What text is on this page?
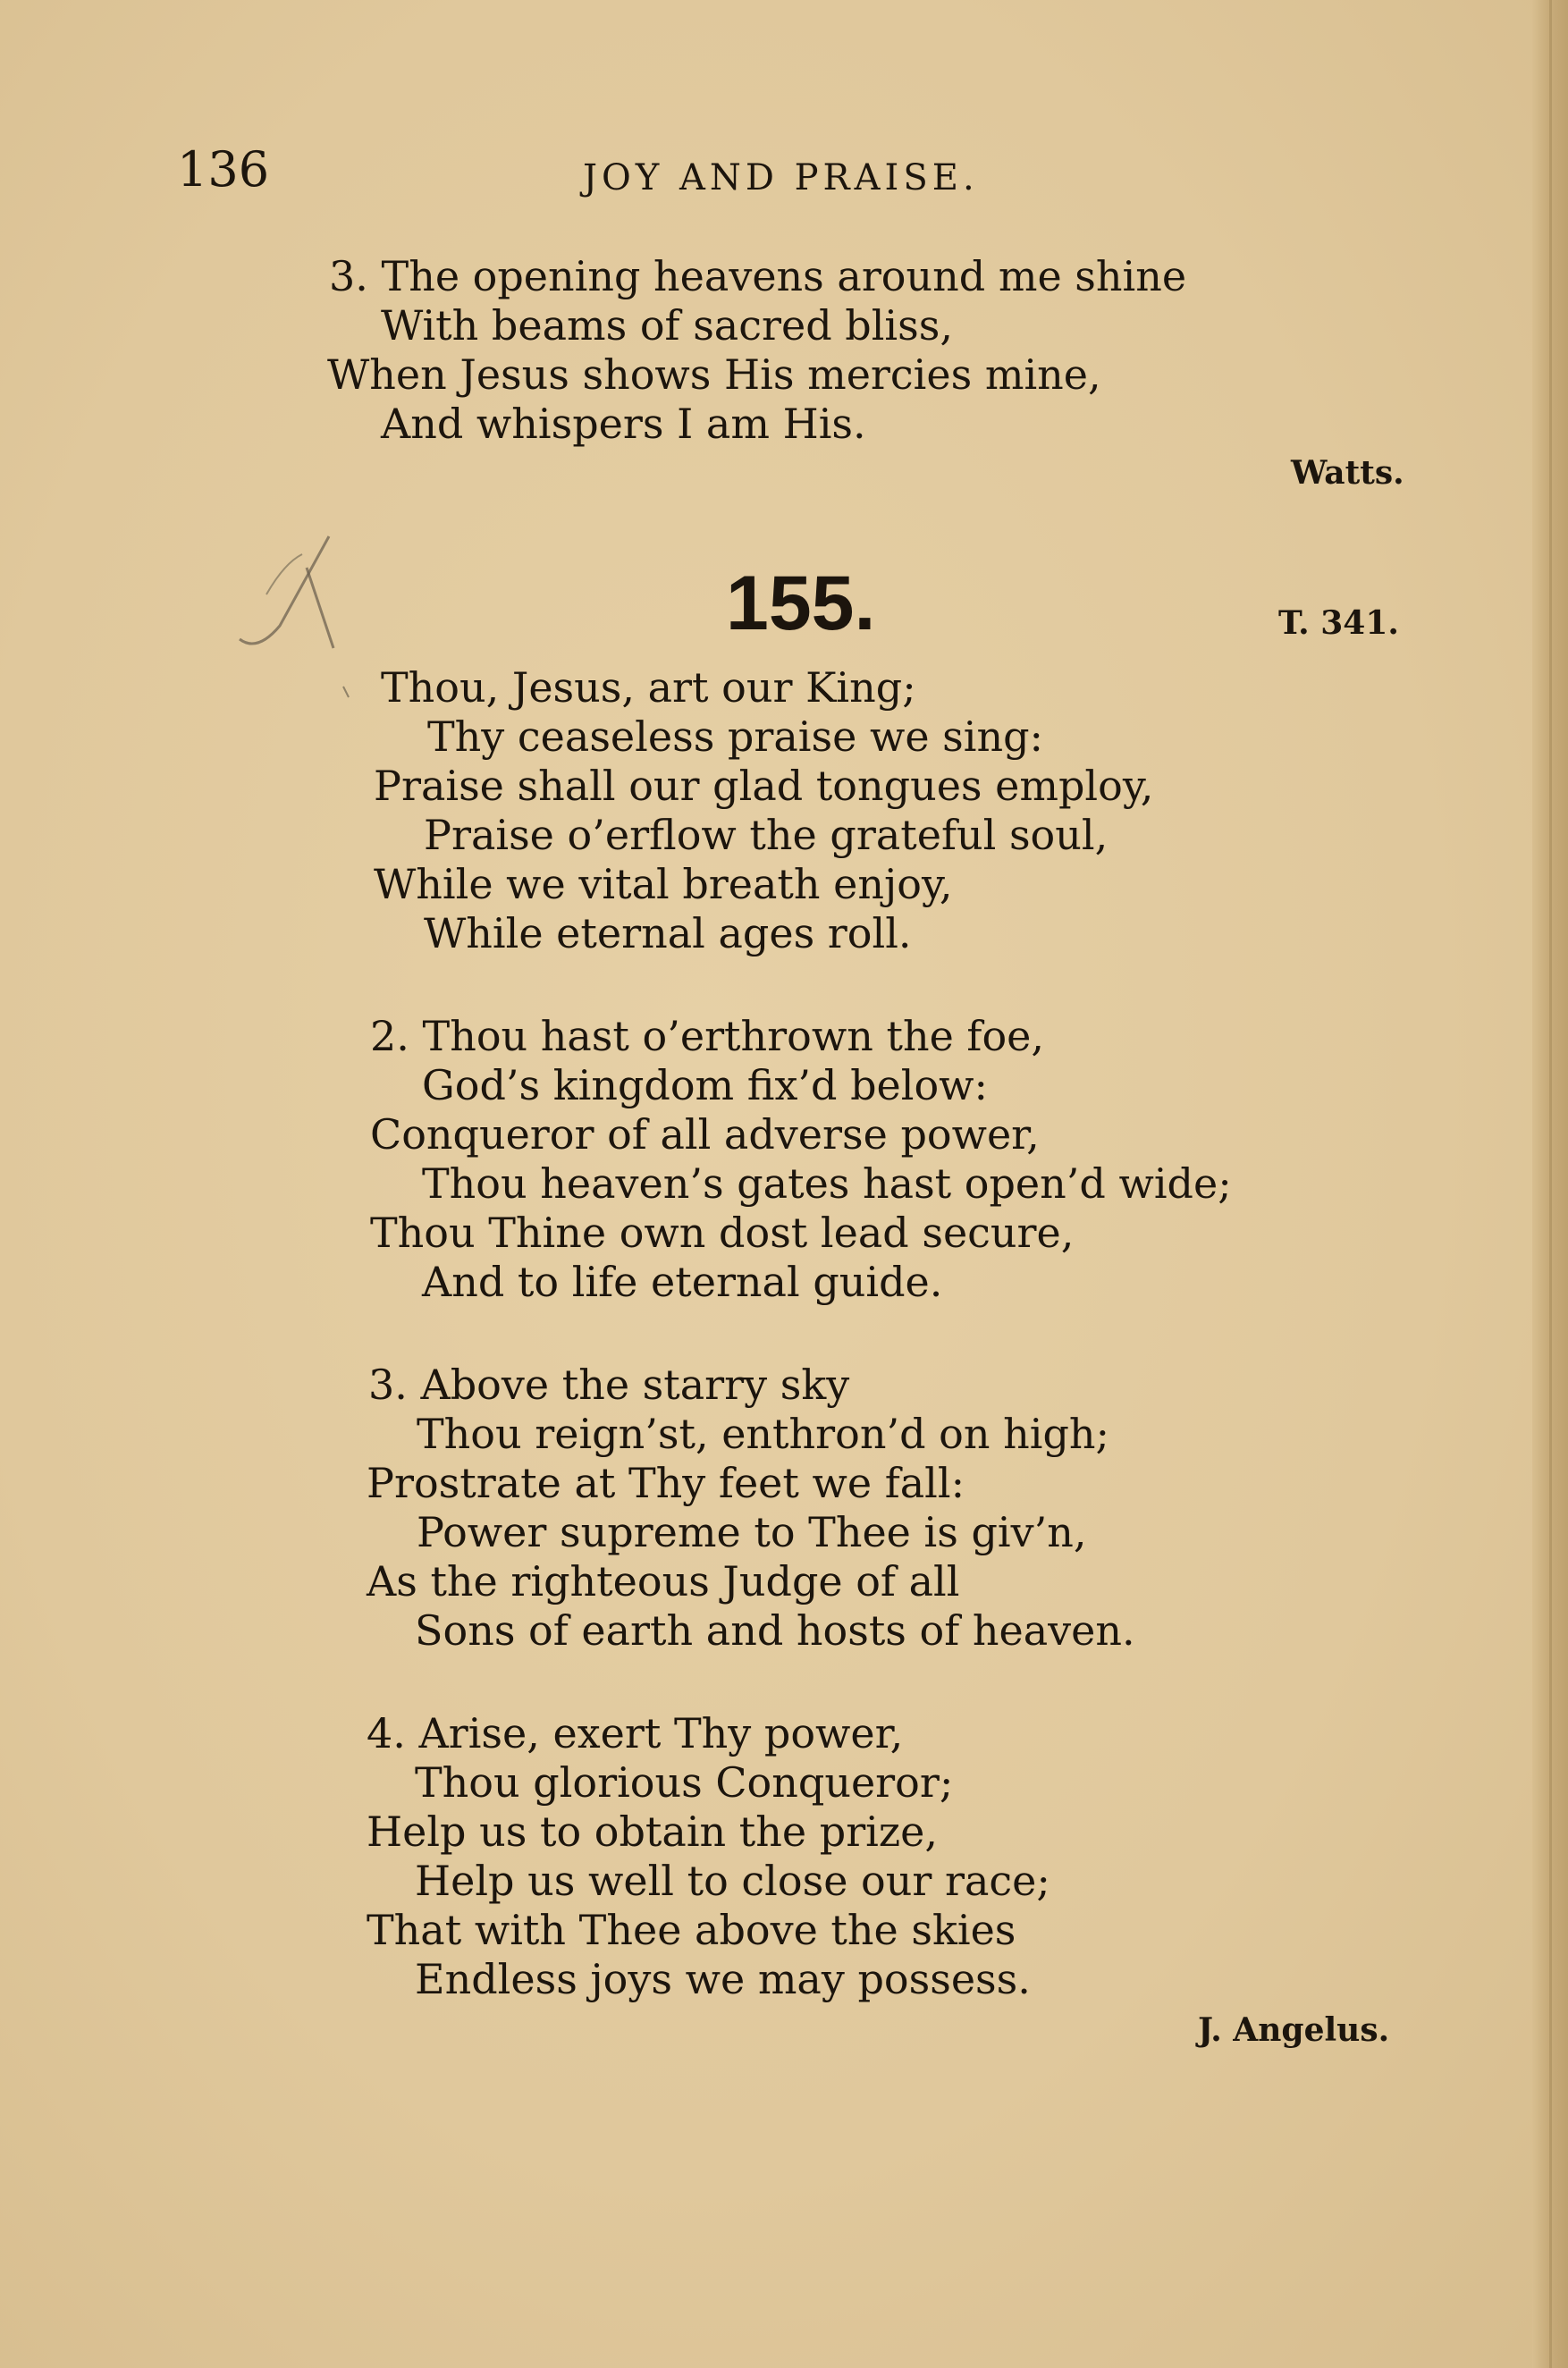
136	JOY AND PRAISE.
3. The opening heavens around me shine
With beams of sacred bliss,
When Jesus shows His mercies mine,
And whispers I am His.
Watts.
155.	T. 341.
Thou, Jesus, art our King;
Thy ceaseless praise we sing:
Praise shall our glad tongues employ,
Praise o’erflow the grateful soul,
While we vital breath enjoy,
While eternal ages roll.
2. Thou hast o’erthrown the foe,
God’s kingdom fix’d below:
Conqueror of all adverse power,
Thou heaven’s gates hast open’d wide;
Thou Thine own dost lead secure,
And to life eternal guide.
3. Above the starry sky
Thou reign’st, enthron’d on high;
Prostrate at Thy feet we fall:
Power supreme to Thee is giv’n,
As the righteous Judge of all
Sons of earth and hosts of heaven.
4. Arise, exert Thy power,
Thou glorious Conqueror;
Help us to obtain the prize,
Help us well to close our race;
That with Thee above the skies
Endless joys we may possess.
J. Angelus.
